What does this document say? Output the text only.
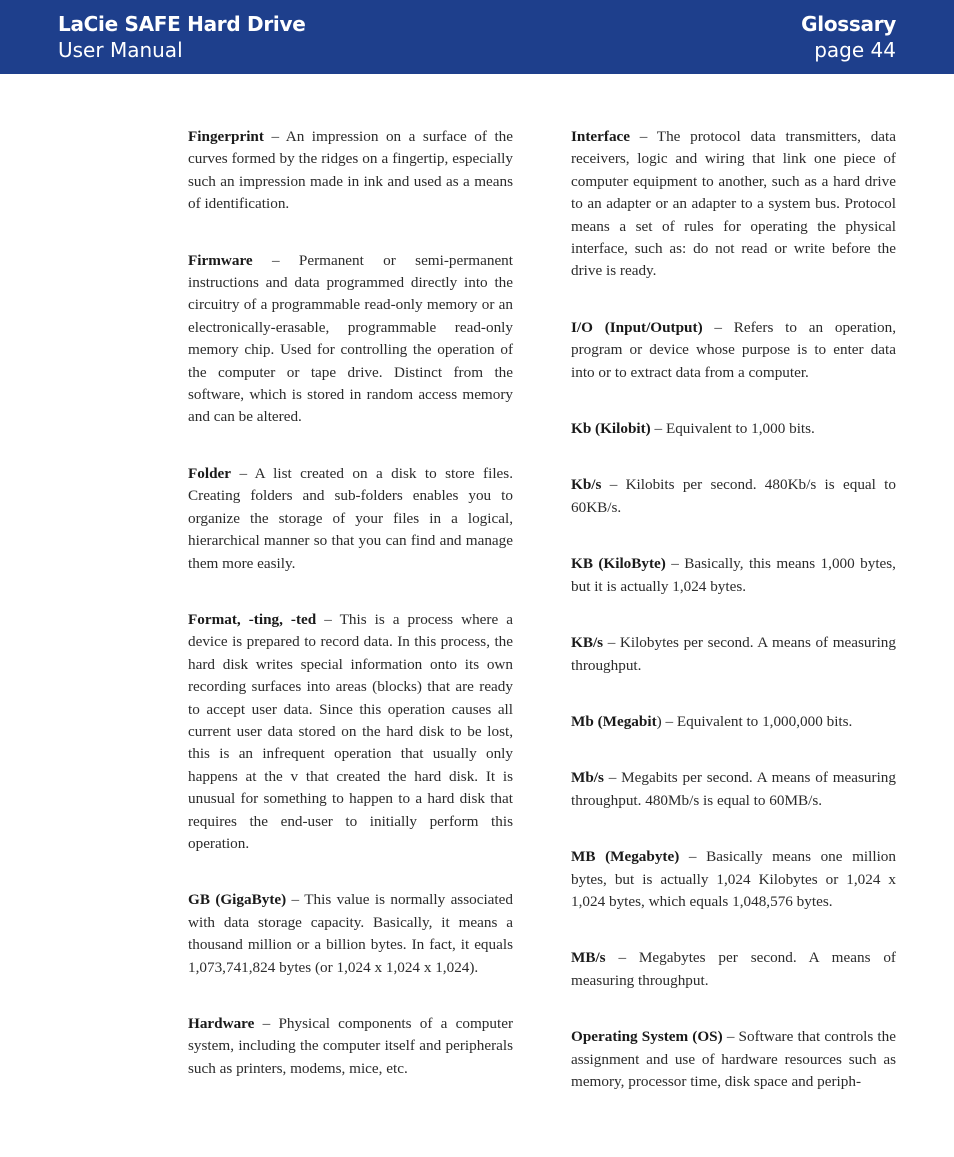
LaCie SAFE Hard Drive
User Manual
Glossary
page 44

Fingerprint – An impression on a surface of the curves formed by the ridges on a fingertip, especially such an impression made in ink and used as a means of identification.

Firmware – Permanent or semi-permanent instructions and data programmed directly into the circuitry of a programmable read-only memory or an electronically-erasable, programmable read-only memory chip. Used for controlling the operation of the computer or tape drive. Distinct from the software, which is stored in random access memory and can be altered.

Folder – A list created on a disk to store files. Creating folders and sub-folders enables you to organize the storage of your files in a logical, hierarchical manner so that you can find and manage them more easily.

Format, -ting, -ted – This is a process where a device is prepared to record data. In this process, the hard disk writes special information onto its own recording surfaces into areas (blocks) that are ready to accept user data. Since this operation causes all current user data stored on the hard disk to be lost, this is an infrequent operation that usually only happens at the v that created the hard disk. It is unusual for something to happen to a hard disk that requires the end-user to initially perform this operation.

GB (GigaByte) – This value is normally associated with data storage capacity. Basically, it means a thousand million or a billion bytes. In fact, it equals 1,073,741,824 bytes (or 1,024 x 1,024 x 1,024).

Hardware – Physical components of a computer system, including the computer itself and peripherals such as printers, modems, mice, etc.

Interface – The protocol data transmitters, data receivers, logic and wiring that link one piece of computer equipment to another, such as a hard drive to an adapter or an adapter to a system bus. Protocol means a set of rules for operating the physical interface, such as: do not read or write before the drive is ready.

I/O (Input/Output) – Refers to an operation, program or device whose purpose is to enter data into or to extract data from a computer.

Kb (Kilobit) – Equivalent to 1,000 bits.

Kb/s – Kilobits per second. 480Kb/s is equal to 60KB/s.

KB (KiloByte) – Basically, this means 1,000 bytes, but it is actually 1,024 bytes.

KB/s – Kilobytes per second. A means of measuring throughput.

Mb (Megabit) – Equivalent to 1,000,000 bits.

Mb/s – Megabits per second. A means of measuring throughput. 480Mb/s is equal to 60MB/s.

MB (Megabyte) – Basically means one million bytes, but is actually 1,024 Kilobytes or 1,024 x 1,024 bytes, which equals 1,048,576 bytes.

MB/s – Megabytes per second. A means of measuring throughput.

Operating System (OS) – Software that controls the assignment and use of hardware resources such as memory, processor time, disk space and periph-
